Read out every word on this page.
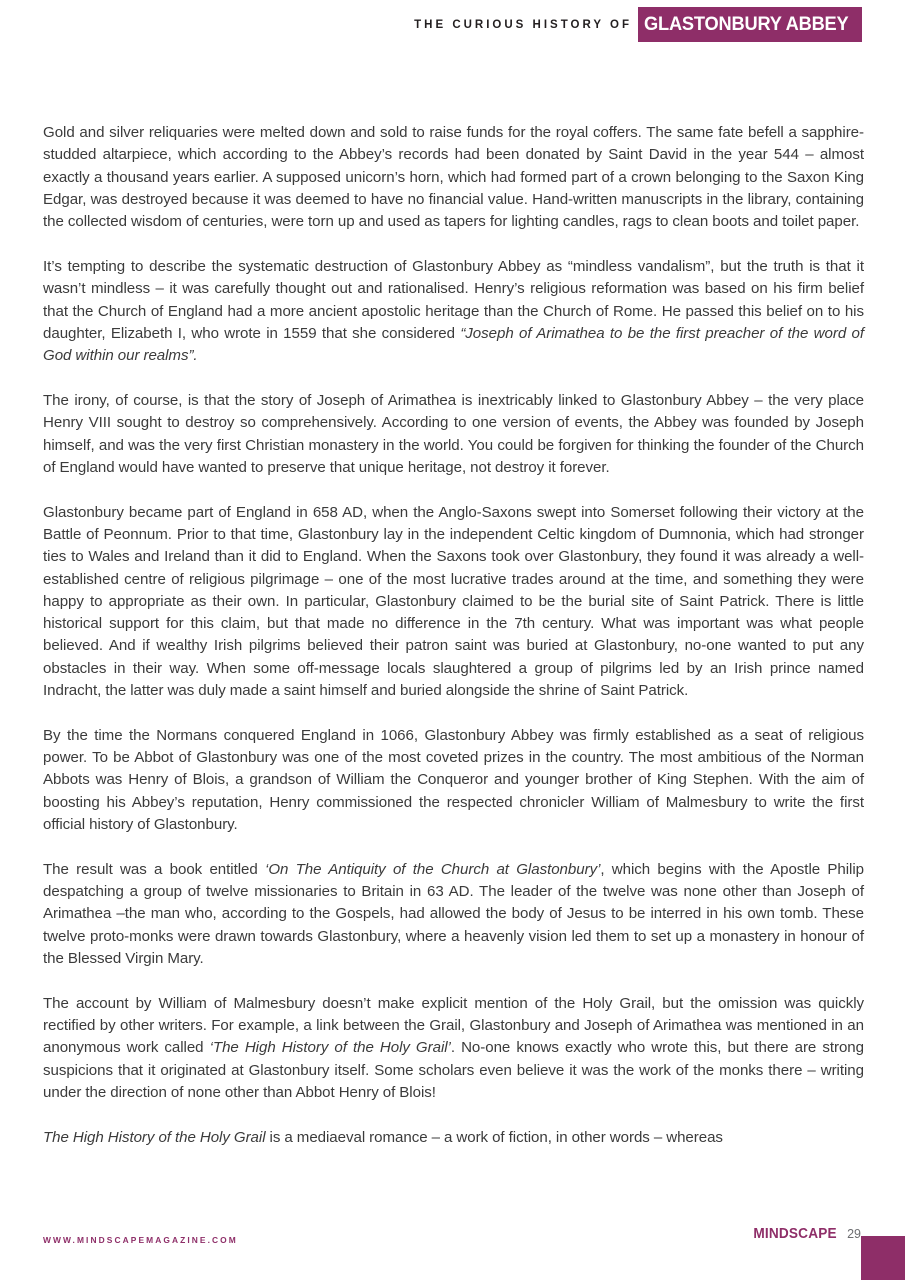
THE CURIOUS HISTORY OF GLASTONBURY ABBEY

Gold and silver reliquaries were melted down and sold to raise funds for the royal coffers. The same fate befell a sapphire-studded altarpiece, which according to the Abbey’s records had been donated by Saint David in the year 544 – almost exactly a thousand years earlier. A supposed unicorn’s horn, which had formed part of a crown belonging to the Saxon King Edgar, was destroyed because it was deemed to have no financial value. Hand-written manuscripts in the library, containing the collected wisdom of centuries, were torn up and used as tapers for lighting candles, rags to clean boots and toilet paper.

It’s tempting to describe the systematic destruction of Glastonbury Abbey as “mindless vandalism”, but the truth is that it wasn’t mindless – it was carefully thought out and rationalised. Henry’s religious reformation was based on his firm belief that the Church of England had a more ancient apostolic heritage than the Church of Rome. He passed this belief on to his daughter, Elizabeth I, who wrote in 1559 that she considered “Joseph of Arimathea to be the first preacher of the word of God within our realms”.

The irony, of course, is that the story of Joseph of Arimathea is inextricably linked to Glastonbury Abbey – the very place Henry VIII sought to destroy so comprehensively. According to one version of events, the Abbey was founded by Joseph himself, and was the very first Christian monastery in the world. You could be forgiven for thinking the founder of the Church of England would have wanted to preserve that unique heritage, not destroy it forever.

Glastonbury became part of England in 658 AD, when the Anglo-Saxons swept into Somerset following their victory at the Battle of Peonnum. Prior to that time, Glastonbury lay in the independent Celtic kingdom of Dumnonia, which had stronger ties to Wales and Ireland than it did to England. When the Saxons took over Glastonbury, they found it was already a well-established centre of religious pilgrimage – one of the most lucrative trades around at the time, and something they were happy to appropriate as their own. In particular, Glastonbury claimed to be the burial site of Saint Patrick. There is little historical support for this claim, but that made no difference in the 7th century. What was important was what people believed. And if wealthy Irish pilgrims believed their patron saint was buried at Glastonbury, no-one wanted to put any obstacles in their way. When some off-message locals slaughtered a group of pilgrims led by an Irish prince named Indracht, the latter was duly made a saint himself and buried alongside the shrine of Saint Patrick.

By the time the Normans conquered England in 1066, Glastonbury Abbey was firmly established as a seat of religious power. To be Abbot of Glastonbury was one of the most coveted prizes in the country. The most ambitious of the Norman Abbots was Henry of Blois, a grandson of William the Conqueror and younger brother of King Stephen. With the aim of boosting his Abbey’s reputation, Henry commissioned the respected chronicler William of Malmesbury to write the first official history of Glastonbury.

The result was a book entitled ‘On The Antiquity of the Church at Glastonbury’, which begins with the Apostle Philip despatching a group of twelve missionaries to Britain in 63 AD. The leader of the twelve was none other than Joseph of Arimathea –the man who, according to the Gospels, had allowed the body of Jesus to be interred in his own tomb. These twelve proto-monks were drawn towards Glastonbury, where a heavenly vision led them to set up a monastery in honour of the Blessed Virgin Mary.

The account by William of Malmesbury doesn’t make explicit mention of the Holy Grail, but the omission was quickly rectified by other writers. For example, a link between the Grail, Glastonbury and Joseph of Arimathea was mentioned in an anonymous work called ‘The High History of the Holy Grail’. No-one knows exactly who wrote this, but there are strong suspicions that it originated at Glastonbury itself. Some scholars even believe it was the work of the monks there – writing under the direction of none other than Abbot Henry of Blois!

The High History of the Holy Grail is a mediaeval romance – a work of fiction, in other words – whereas

WWW.MINDSCAPEMAGAZINE.COM	MINDSCAPE 29
